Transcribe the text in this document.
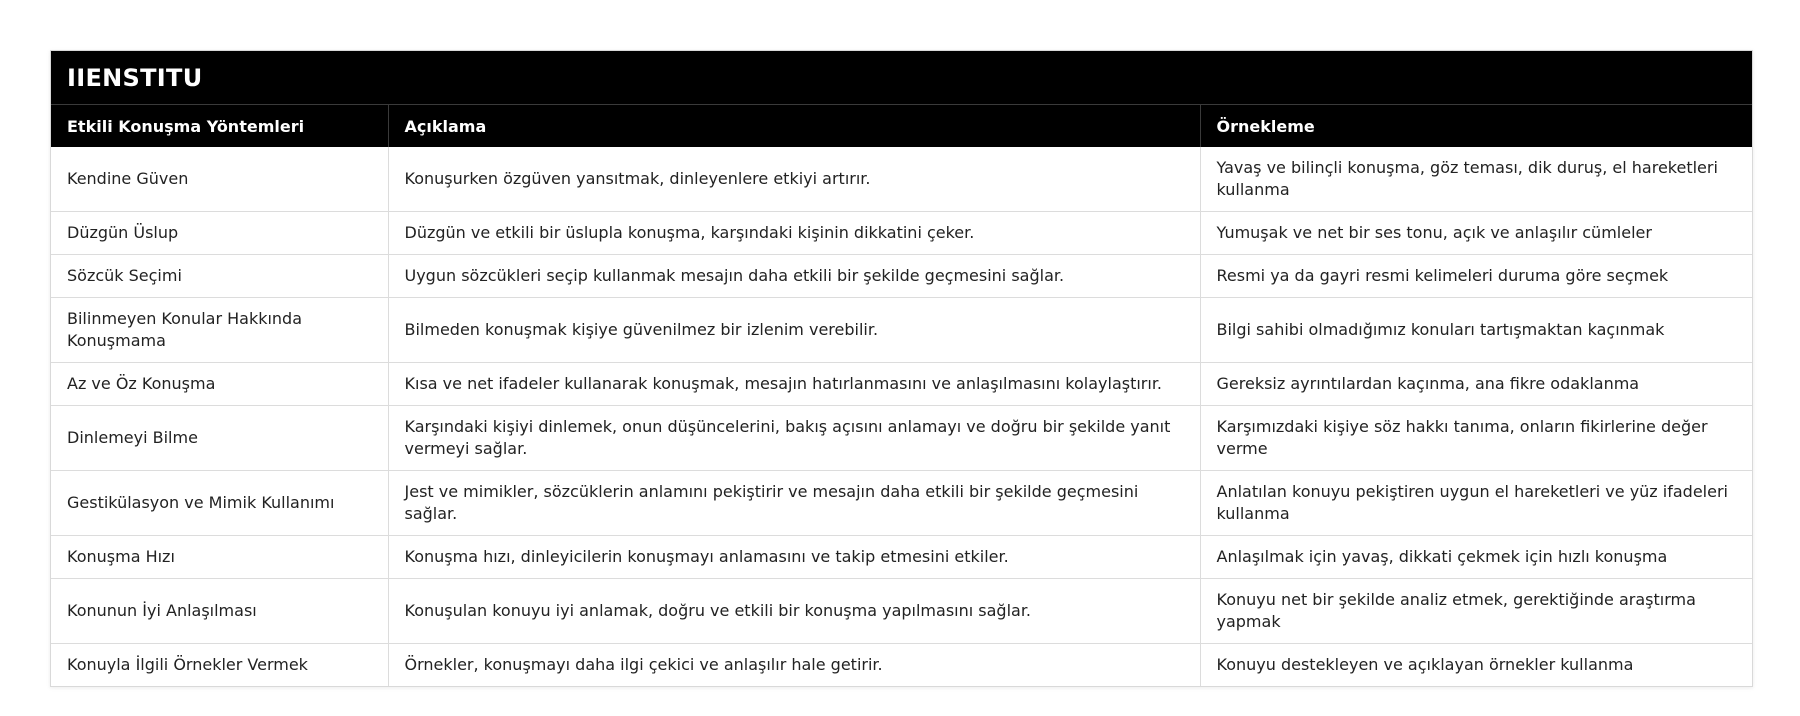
IIENSTITU
Etkili Konuşma Yöntemleri	Açıklama	Örnekleme
Kendine Güven	Konuşurken özgüven yansıtmak, dinleyenlere etkiyi artırır.	Yavaş ve bilinçli konuşma, göz teması, dik duruş, el hareketleri kullanma
Düzgün Üslup	Düzgün ve etkili bir üslupla konuşma, karşındaki kişinin dikkatini çeker.	Yumuşak ve net bir ses tonu, açık ve anlaşılır cümleler
Sözcük Seçimi	Uygun sözcükleri seçip kullanmak mesajın daha etkili bir şekilde geçmesini sağlar.	Resmi ya da gayri resmi kelimeleri duruma göre seçmek
Bilinmeyen Konular Hakkında Konuşmama	Bilmeden konuşmak kişiye güvenilmez bir izlenim verebilir.	Bilgi sahibi olmadığımız konuları tartışmaktan kaçınmak
Az ve Öz Konuşma	Kısa ve net ifadeler kullanarak konuşmak, mesajın hatırlanmasını ve anlaşılmasını kolaylaştırır.	Gereksiz ayrıntılardan kaçınma, ana fikre odaklanma
Dinlemeyi Bilme	Karşındaki kişiyi dinlemek, onun düşüncelerini, bakış açısını anlamayı ve doğru bir şekilde yanıt vermeyi sağlar.	Karşımızdaki kişiye söz hakkı tanıma, onların fikirlerine değer verme
Gestikülasyon ve Mimik Kullanımı	Jest ve mimikler, sözcüklerin anlamını pekiştirir ve mesajın daha etkili bir şekilde geçmesini sağlar.	Anlatılan konuyu pekiştiren uygun el hareketleri ve yüz ifadeleri kullanma
Konuşma Hızı	Konuşma hızı, dinleyicilerin konuşmayı anlamasını ve takip etmesini etkiler.	Anlaşılmak için yavaş, dikkati çekmek için hızlı konuşma
Konunun İyi Anlaşılması	Konuşulan konuyu iyi anlamak, doğru ve etkili bir konuşma yapılmasını sağlar.	Konuyu net bir şekilde analiz etmek, gerektiğinde araştırma yapmak
Konuyla İlgili Örnekler Vermek	Örnekler, konuşmayı daha ilgi çekici ve anlaşılır hale getirir.	Konuyu destekleyen ve açıklayan örnekler kullanma
